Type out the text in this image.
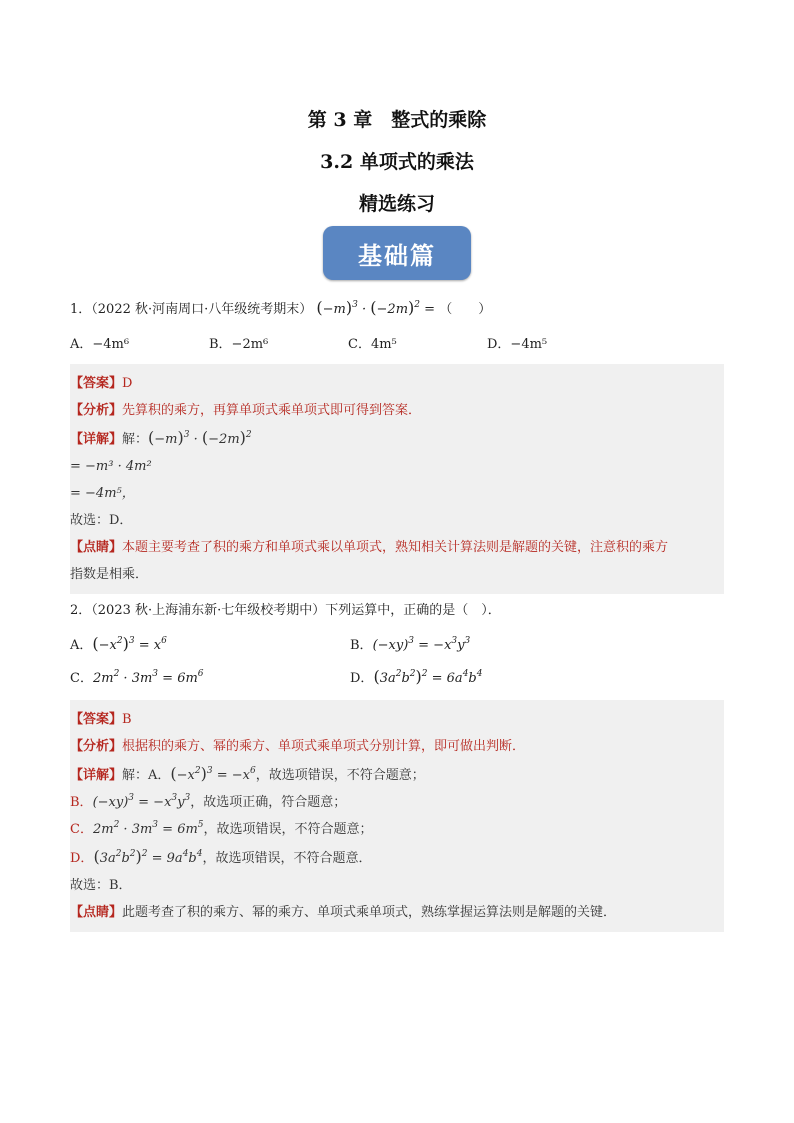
第 3 章　整式的乘除
3.2 单项式的乘法
精选练习
基础篇
1．（2022 秋·河南周口·八年级统考期末） $(-m)^3 \cdot (-2m)^2$ = （　　）
A．−4m⁶	B．−2m⁶	C．4m⁵	D．−4m⁵
【答案】D
【分析】先算积的乘方，再算单项式乘单项式即可得到答案．
【详解】解：$(-m)^3 \cdot (-2m)^2$
= −m³ · 4m²
= −4m⁵，
故选：D．
【点睛】本题主要考查了积的乘方和单项式乘以单项式，熟知相关计算法则是解题的关键，注意积的乘方
指数是相乘．
2．（2023 秋·上海浦东新·七年级校考期中）下列运算中，正确的是（　）．
A．$(-x^2)^3 = x^6$	B．$(-xy)^3 = -x^3y^3$
C．$2m^2 \cdot 3m^3 = 6m^6$	D．$(3a^2b^2)^2 = 6a^4b^4$
【答案】B
【分析】根据积的乘方、幂的乘方、单项式乘单项式分别计算，即可做出判断．
【详解】解：A．$(-x^2)^3 = -x^6$，故选项错误，不符合题意；
B．$(-xy)^3 = -x^3y^3$，故选项正确，符合题意；
C．$2m^2 \cdot 3m^3 = 6m^5$，故选项错误，不符合题意；
D．$(3a^2b^2)^2 = 9a^4b^4$，故选项错误，不符合题意．
故选：B．
【点睛】此题考查了积的乘方、幂的乘方、单项式乘单项式，熟练掌握运算法则是解题的关键．
